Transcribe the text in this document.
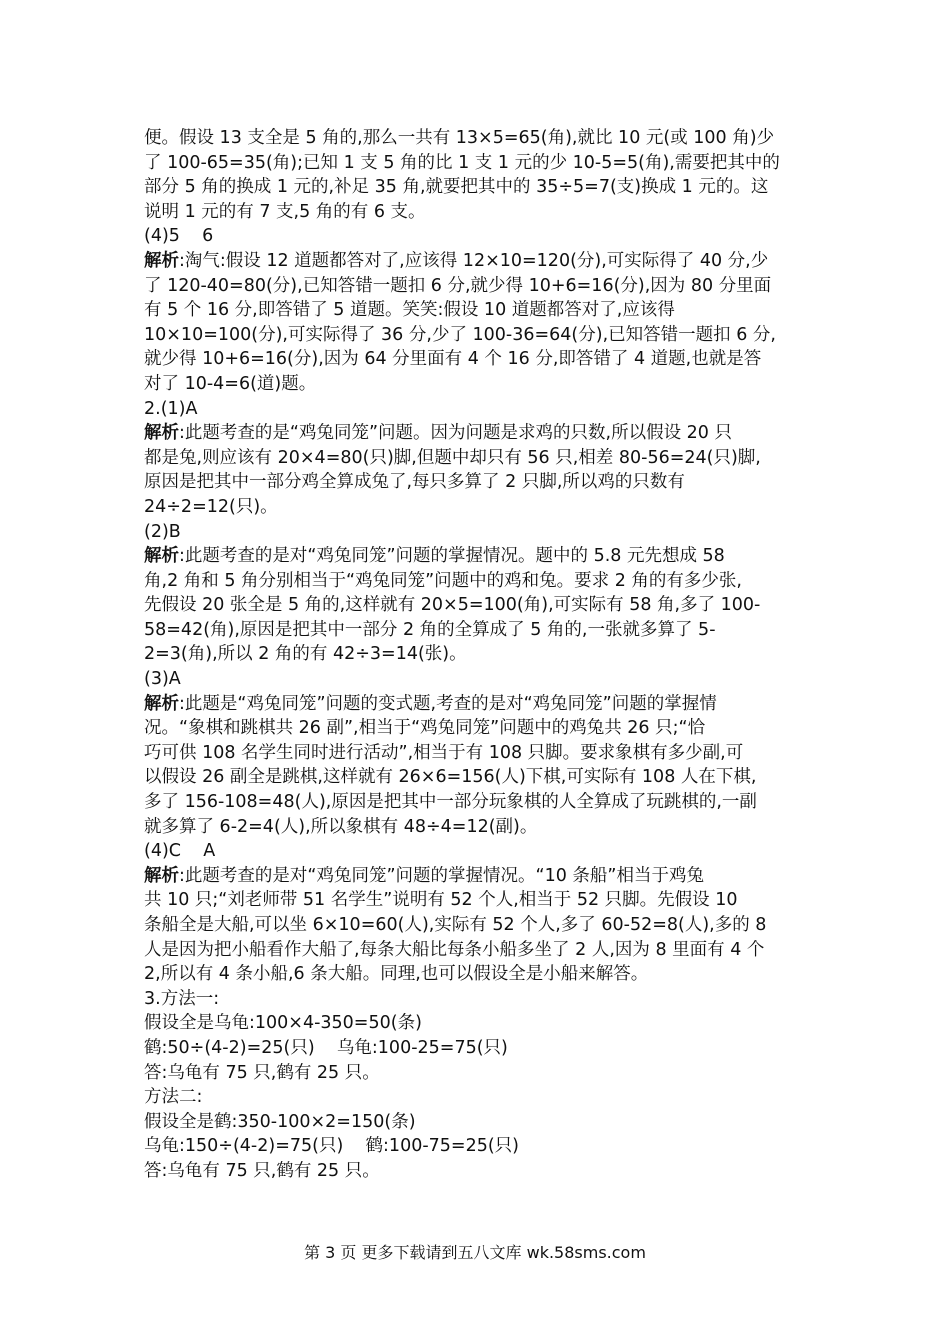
便。假设 13 支全是 5 角的,那么一共有 13×5=65(角),就比 10 元(或 100 角)少
了 100-65=35(角);已知 1 支 5 角的比 1 支 1 元的少 10-5=5(角),需要把其中的
部分 5 角的换成 1 元的,补足 35 角,就要把其中的 35÷5=7(支)换成 1 元的。这
说明 1 元的有 7 支,5 角的有 6 支。
(4)5    6
解析:淘气:假设 12 道题都答对了,应该得 12×10=120(分),可实际得了 40 分,少
了 120-40=80(分),已知答错一题扣 6 分,就少得 10+6=16(分),因为 80 分里面
有 5 个 16 分,即答错了 5 道题。笑笑:假设 10 道题都答对了,应该得
10×10=100(分),可实际得了 36 分,少了 100-36=64(分),已知答错一题扣 6 分,
就少得 10+6=16(分),因为 64 分里面有 4 个 16 分,即答错了 4 道题,也就是答
对了 10-4=6(道)题。
2.(1)A
解析:此题考查的是“鸡兔同笼”问题。因为问题是求鸡的只数,所以假设 20 只
都是兔,则应该有 20×4=80(只)脚,但题中却只有 56 只,相差 80-56=24(只)脚,
原因是把其中一部分鸡全算成兔了,每只多算了 2 只脚,所以鸡的只数有
24÷2=12(只)。
(2)B
解析:此题考查的是对“鸡兔同笼”问题的掌握情况。题中的 5.8 元先想成 58
角,2 角和 5 角分别相当于“鸡兔同笼”问题中的鸡和兔。要求 2 角的有多少张,
先假设 20 张全是 5 角的,这样就有 20×5=100(角),可实际有 58 角,多了 100-
58=42(角),原因是把其中一部分 2 角的全算成了 5 角的,一张就多算了 5-
2=3(角),所以 2 角的有 42÷3=14(张)。
(3)A
解析:此题是“鸡兔同笼”问题的变式题,考查的是对“鸡兔同笼”问题的掌握情
况。“象棋和跳棋共 26 副”,相当于“鸡兔同笼”问题中的鸡兔共 26 只;“恰
巧可供 108 名学生同时进行活动”,相当于有 108 只脚。要求象棋有多少副,可
以假设 26 副全是跳棋,这样就有 26×6=156(人)下棋,可实际有 108 人在下棋,
多了 156-108=48(人),原因是把其中一部分玩象棋的人全算成了玩跳棋的,一副
就多算了 6-2=4(人),所以象棋有 48÷4=12(副)。
(4)C    A
解析:此题考查的是对“鸡兔同笼”问题的掌握情况。“10 条船”相当于鸡兔
共 10 只;“刘老师带 51 名学生”说明有 52 个人,相当于 52 只脚。先假设 10
条船全是大船,可以坐 6×10=60(人),实际有 52 个人,多了 60-52=8(人),多的 8
人是因为把小船看作大船了,每条大船比每条小船多坐了 2 人,因为 8 里面有 4 个
2,所以有 4 条小船,6 条大船。同理,也可以假设全是小船来解答。
3.方法一:
假设全是乌龟:100×4-350=50(条)
鹤:50÷(4-2)=25(只)    乌龟:100-25=75(只)
答:乌龟有 75 只,鹤有 25 只。
方法二:
假设全是鹤:350-100×2=150(条)
乌龟:150÷(4-2)=75(只)    鹤:100-75=25(只)
答:乌龟有 75 只,鹤有 25 只。
第 3 页 更多下载请到五八文库 wk.58sms.com
